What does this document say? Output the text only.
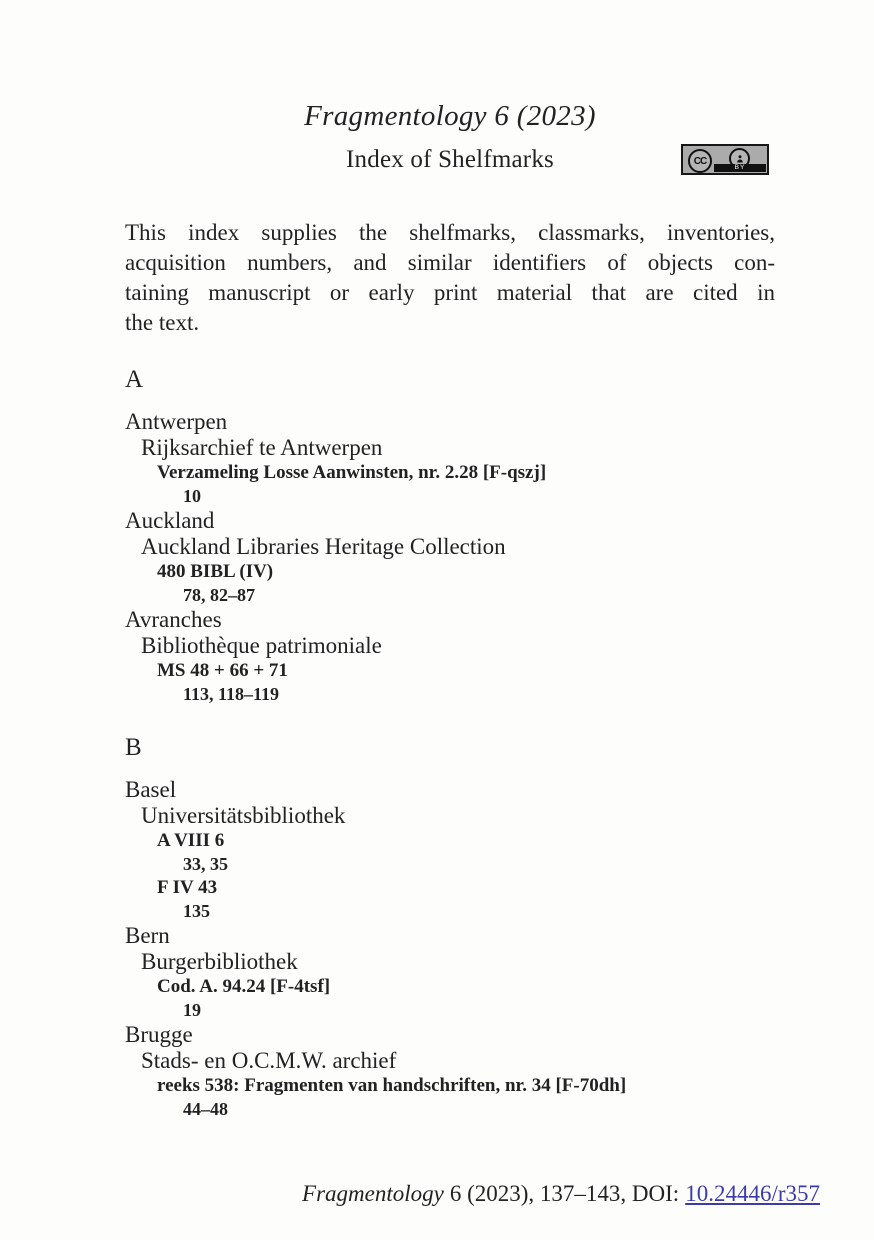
Fragmentology 6 (2023)
Index of Shelfmarks	CC
BY
This index supplies the shelfmarks, classmarks, inventories,
acquisition numbers, and similar identifiers of objects con-
taining manuscript or early print material that are cited in
the text.
A
Antwerpen
Rijksarchief te Antwerpen
Verzameling Losse Aanwinsten, nr. 2.28 [F-qszj]
10
Auckland
Auckland Libraries Heritage Collection
480 BIBL (IV)
78, 82–87
Avranches
Bibliothèque patrimoniale
MS 48 + 66 + 71
113, 118–119
B
Basel
Universitätsbibliothek
A VIII 6
33, 35
F IV 43
135
Bern
Burgerbibliothek
Cod. A. 94.24 [F-4tsf]
19
Brugge
Stads- en O.C.M.W. archief
reeks 538: Fragmenten van handschriften, nr. 34 [F-70dh]
44–48
Fragmentology 6 (2023), 137–143, DOI: 10.24446/r357
